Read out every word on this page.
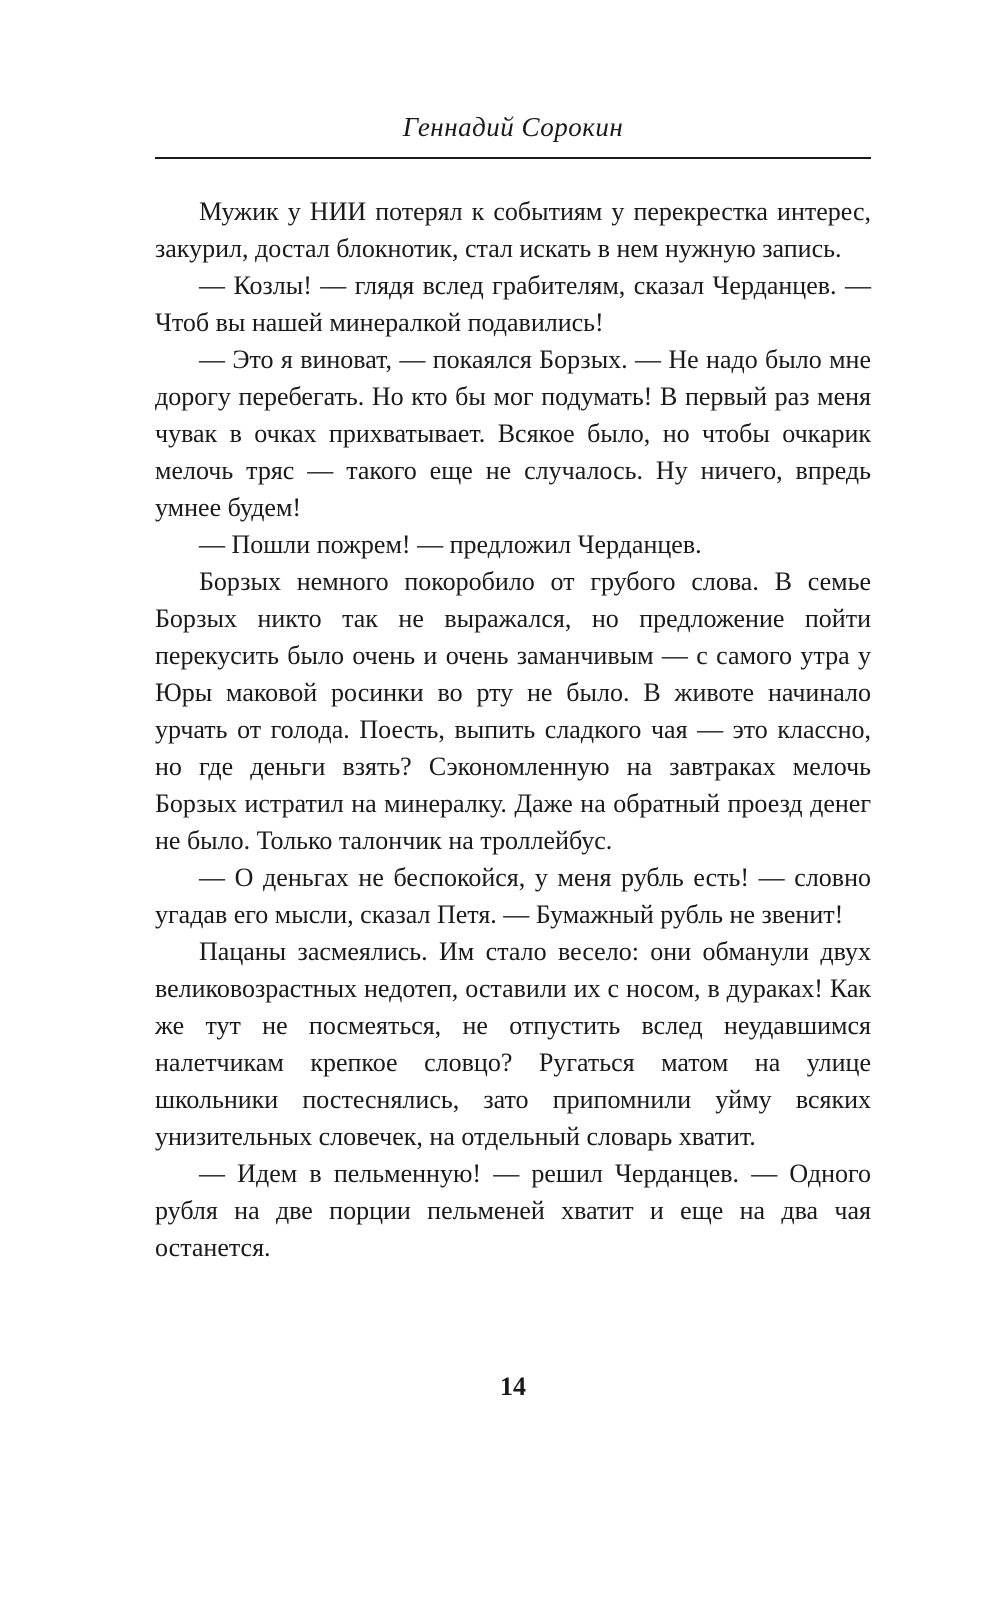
Геннадий Сорокин

Мужик у НИИ потерял к событиям у перекрестка интерес, закурил, достал блокнотик, стал искать в нем нужную запись.

— Козлы! — глядя вслед грабителям, сказал Черданцев. — Чтоб вы нашей минералкой подавились!

— Это я виноват, — покаялся Борзых. — Не надо было мне дорогу перебегать. Но кто бы мог подумать! В первый раз меня чувак в очках прихватывает. Всякое было, но чтобы очкарик мелочь тряс — такого еще не случалось. Ну ничего, впредь умнее будем!

— Пошли пожрем! — предложил Черданцев.

Борзых немного покоробило от грубого слова. В семье Борзых никто так не выражался, но предложение пойти перекусить было очень и очень заманчивым — с самого утра у Юры маковой росинки во рту не было. В животе начинало урчать от голода. Поесть, выпить сладкого чая — это классно, но где деньги взять? Сэкономленную на завтраках мелочь Борзых истратил на минералку. Даже на обратный проезд денег не было. Только талончик на троллейбус.

— О деньгах не беспокойся, у меня рубль есть! — словно угадав его мысли, сказал Петя. — Бумажный рубль не звенит!

Пацаны засмеялись. Им стало весело: они обманули двух великовозрастных недотеп, оставили их с носом, в дураках! Как же тут не посмеяться, не отпустить вслед неудавшимся налетчикам крепкое словцо? Ругаться матом на улице школьники постеснялись, зато припомнили уйму всяких унизительных словечек, на отдельный словарь хватит.

— Идем в пельменную! — решил Черданцев. — Одного рубля на две порции пельменей хватит и еще на два чая останется.

14
